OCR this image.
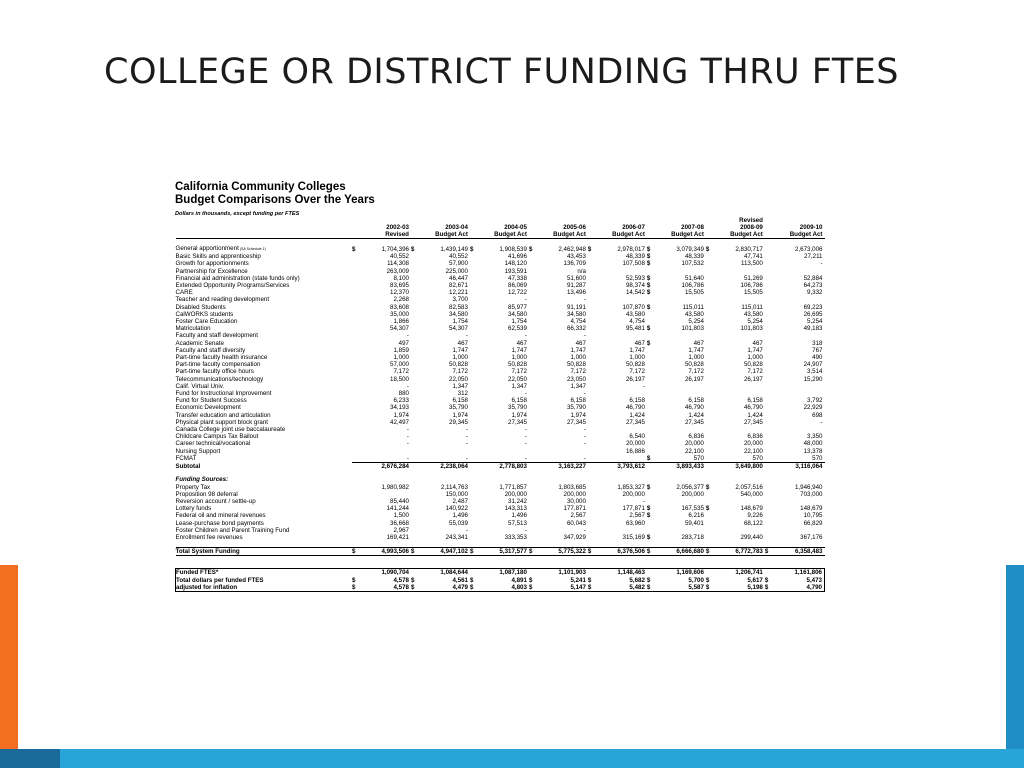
COLLEGE OR DISTRICT FUNDING THRU FTES
California Community Colleges
Budget Comparisons Over the Years
Dollars in thousands, except funding per FTES
														Revised		
		2002-03		2003-04		2004-05		2005-06		2006-07		2007-08		2008-09		2009-10
		Revised		Budget Act		Budget Act		Budget Act		Budget Act		Budget Act		Budget Act		Budget Act

General apportionment (SA Schedule 1)	$	1,704,396	$	1,439,149	$	1,908,539	$	2,462,948	$	2,978,017	$	3,079,349	$	2,830,717		2,673,006
Basic Skills and apprenticeship		40,552		40,552		41,696		43,453		48,339	$	48,339		47,741		27,211
Growth for apportionments		114,308		57,900		148,120		136,709		107,508	$	107,532		113,500		-
Partnership for Excellence		263,009		225,000		193,591		n/a								
Financial aid administration (state funds only)		8,100		46,447		47,338		51,600		52,593	$	51,640		51,269		52,884
Extended Opportunity Programs/Services		83,695		82,671		86,069		91,287		98,374	$	106,786		106,786		64,273
CARE		12,370		12,221		12,722		13,496		14,542	$	15,505		15,505		9,332
Teacher and reading development		2,268		3,700		-		-								
Disabled Students		83,608		82,583		85,977		91,191		107,870	$	115,011		115,011		69,223
CalWORKS students		35,000		34,580		34,580		34,580		43,580		43,580		43,580		26,695
Foster Care Education		1,866		1,754		1,754		4,754		4,754		5,254		5,254		5,254
Matriculation		54,307		54,307		62,539		66,332		95,481	$	101,803		101,803		49,183
Faculty and staff development		-		-		-		-								
Academic Senate		497		467		467		467		467	$	467		467		318
Faculty and staff diversity		1,859		1,747		1,747		1,747		1,747		1,747		1,747		767
Part-time faculty health insurance		1,000		1,000		1,000		1,000		1,000		1,000		1,000		490
Part-time faculty compensation		57,000		50,828		50,828		50,828		50,828		50,828		50,828		24,907
Part-time faculty office hours		7,172		7,172		7,172		7,172		7,172		7,172		7,172		3,514
Telecommunications/technology		18,500		22,050		22,050		23,050		26,197		26,197		26,197		15,290
Calif. Virtual Univ.		-		1,347		1,347		1,347		-						
Fund for Instructional Improvement		880		312		-		-								
Fund for Student Success		6,233		6,158		6,158		6,158		6,158		6,158		6,158		3,792
Economic Development		34,193		35,790		35,790		35,790		46,790		46,790		46,790		22,929
Transfer education and articulation		1,974		1,974		1,974		1,974		1,424		1,424		1,424		698
Physical plant support block grant		42,497		29,345		27,345		27,345		27,345		27,345		27,345		-
Canada College joint use baccalaureate		-		-		-		-								
Childcare Campus Tax Bailout		-		-		-		-		6,540		6,836		6,836		3,350
Career technical/vocational		-		-		-		-		20,000		20,000		20,000		48,000
Nursing Support										16,886		22,100		22,100		13,378
FCMAT		-		-		-		-			$	570		570		570
Subtotal		2,676,284		2,238,064		2,778,803		3,163,227		3,793,612		3,893,433		3,649,800		3,116,064

Funding Sources:																
Property Tax		1,980,982		2,114,763		1,771,857		1,803,685		1,853,327	$	2,056,377	$	2,057,516		1,946,940
Proposition 98 deferral				150,000		200,000		200,000		200,000		200,000		540,000		703,000
Reversion account / settle-up		85,440		2,487		31,242		30,000		-						
Lottery funds		141,244		140,922		143,313		177,871		177,871	$	167,535	$	148,679		148,679
Federal oil and mineral revenues		1,500		1,496		1,496		2,567		2,567	$	6,216		9,226		10,795
Lease-purchase bond payments		36,668		55,039		57,513		60,043		63,960		59,401		68,122		66,829
Foster Children and Parent Training Fund		2,967		-		-		-								
Enrollment fee revenues		169,421		243,341		333,353		347,929		315,169	$	283,718		299,440		367,176

Total System Funding	$	4,993,506	$	4,947,102	$	5,317,577	$	5,775,322	$	6,376,506	$	6,666,680	$	6,772,783	$	6,358,483

Funded FTES*		1,090,704		1,084,644		1,087,180		1,101,903		1,148,463		1,169,606		1,206,741		1,161,806
Total dollars per funded FTES	$	4,578	$	4,561	$	4,891	$	5,241	$	5,682	$	5,700	$	5,617	$	5,473
adjusted for inflation	$	4,578	$	4,479	$	4,803	$	5,147	$	5,482	$	5,587	$	5,198	$	4,790
